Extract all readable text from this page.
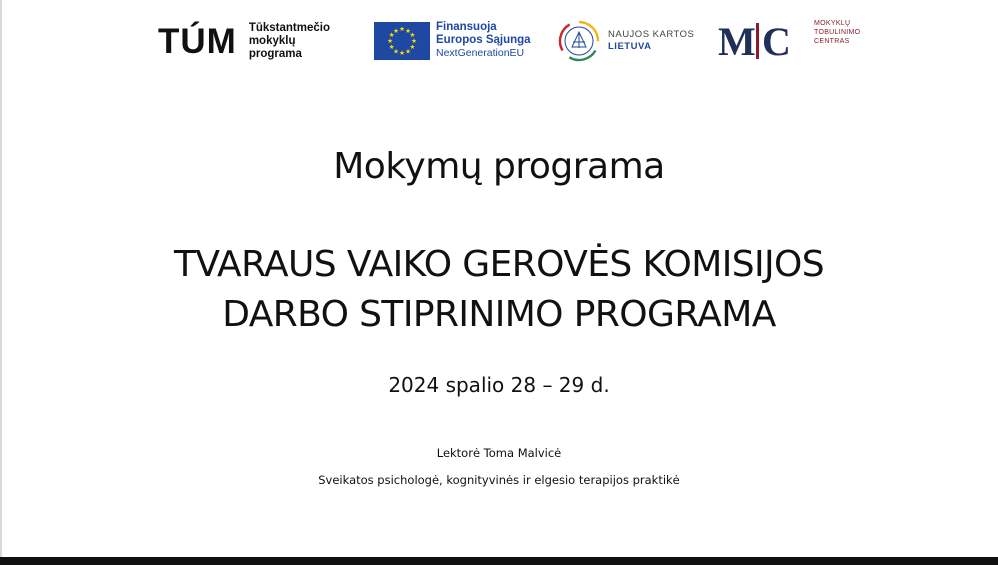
TÚM Tūkstantmečio
mokyklų
programa
★ ★
★
★
★
★
★
★
★
★
★
★	Finansuoja
Europos Sąjunga
NextGenerationEU
NAUJOS KARTOS
LIETUVA	M C	MOKYKLŲ
TOBULINIMO
CENTRAS
Mokymų programa
TVARAUS VAIKO GEROVĖS KOMISIJOS
DARBO STIPRINIMO PROGRAMA
2024 spalio 28 – 29 d.
Lektorė Toma Malvicė
Sveikatos psichologė, kognityvinės ir elgesio terapijos praktikė
